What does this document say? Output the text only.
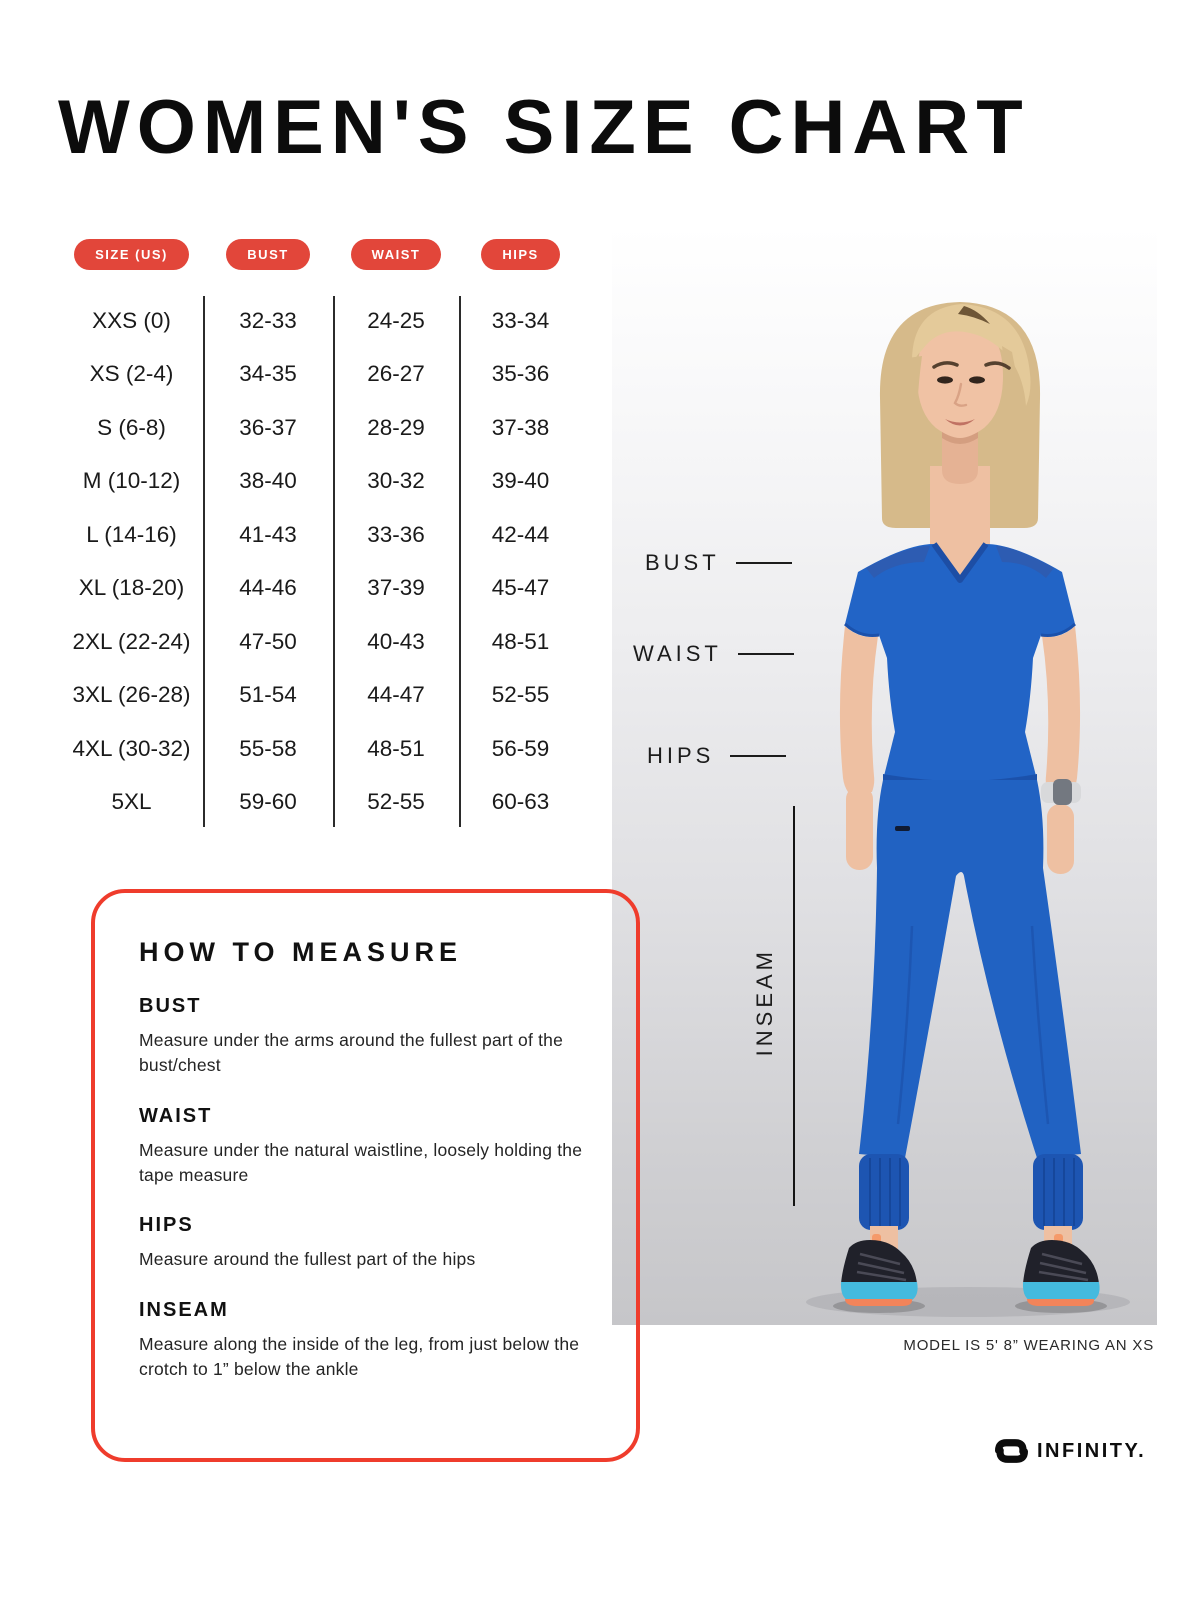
WOMEN'S SIZE CHART
BUST
WAIST
HIPS
INSEAM
SIZE (US)	BUST	WAIST	HIPS
XXS (0)	32-33	24-25	33-34
XS (2-4)	34-35	26-27	35-36
S (6-8)	36-37	28-29	37-38
M (10-12)	38-40	30-32	39-40
L (14-16)	41-43	33-36	42-44
XL (18-20) 44-46	37-39	45-47
2XL (22-24) 47-50	40-43	48-51
3XL (26-28) 51-54	44-47	52-55
4XL (30-32) 55-58	48-51	56-59
5XL	59-60	52-55	60-63
HOW TO MEASURE
BUST

Measure under the arms around the fullest part of the bust/chest

WAIST

Measure under the natural waistline, loosely holding the tape measure

HIPS

Measure around the fullest part of the hips

INSEAM

Measure along the inside of the leg, from just below the crotch to 1” below the ankle

MODEL IS 5' 8” WEARING AN XS
INFINITY.
